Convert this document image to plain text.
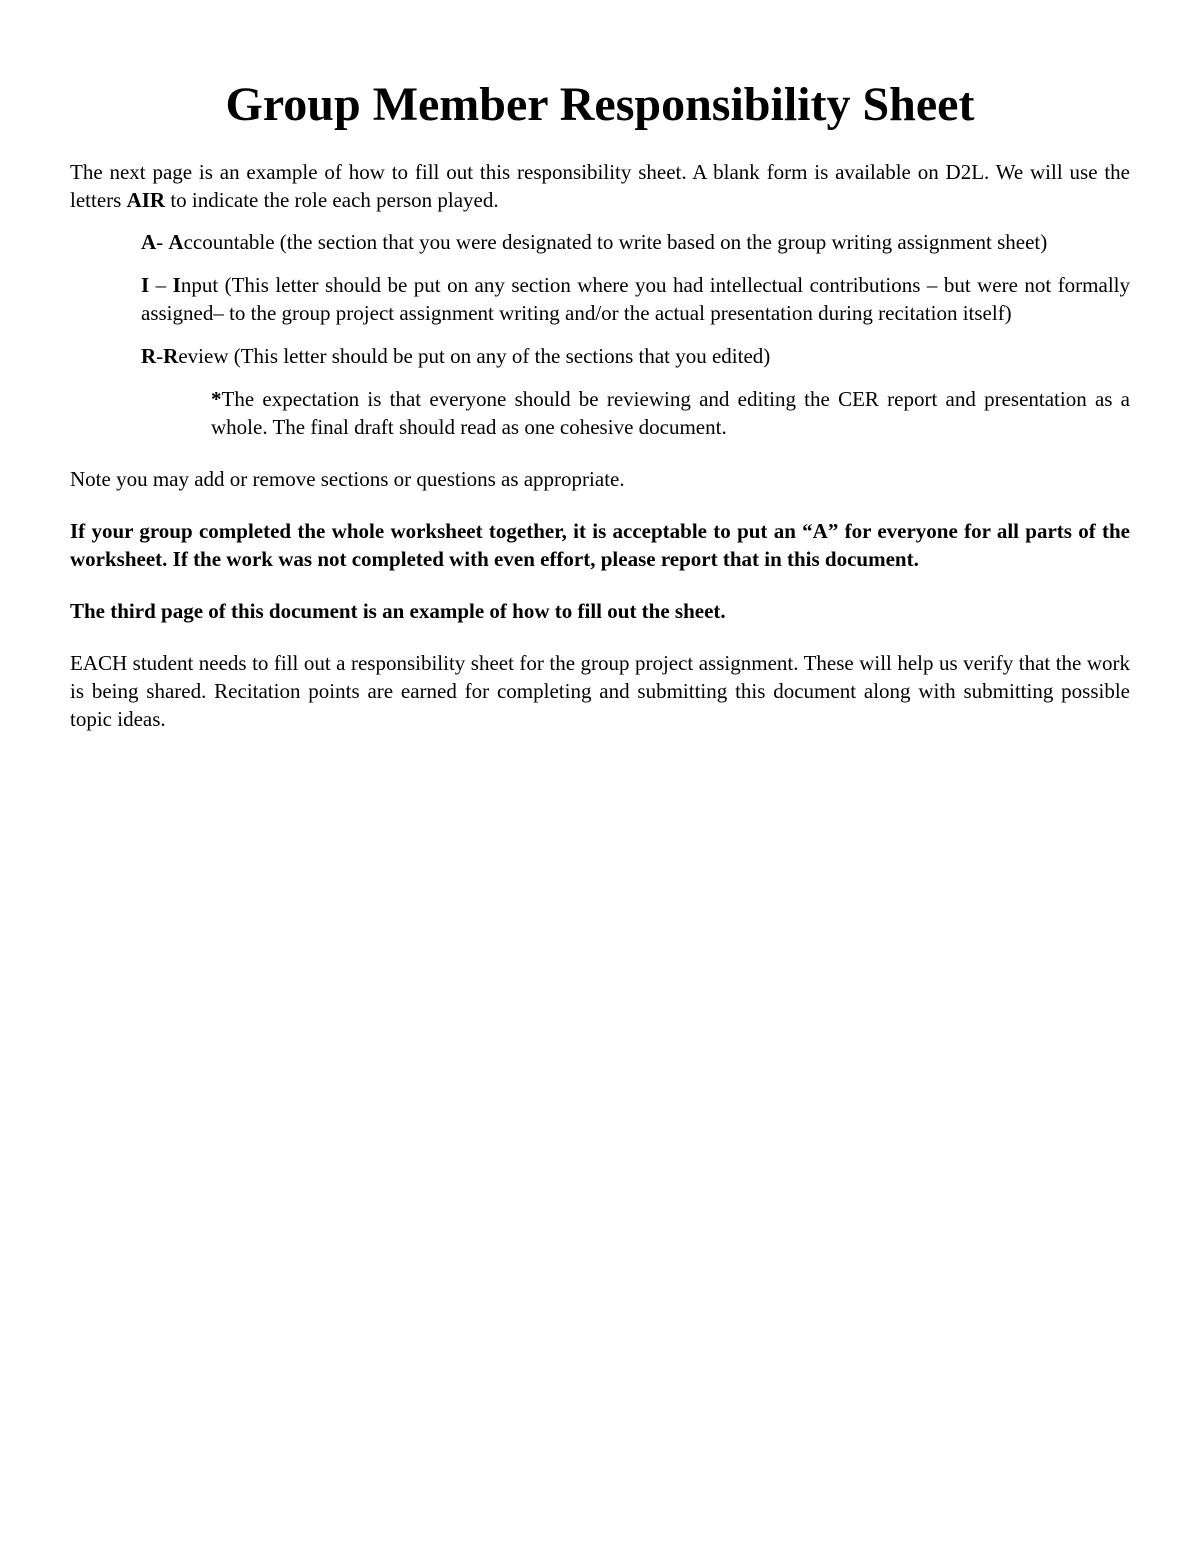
Group Member Responsibility Sheet

The next page is an example of how to fill out this responsibility sheet. A blank form is available on D2L. We will use the letters AIR to indicate the role each person played.

A- Accountable (the section that you were designated to write based on the group writing assignment sheet)

I – Input (This letter should be put on any section where you had intellectual contributions – but were not formally assigned– to the group project assignment writing and/or the actual presentation during recitation itself)

R-Review (This letter should be put on any of the sections that you edited)

*The expectation is that everyone should be reviewing and editing the CER report and presentation as a whole. The final draft should read as one cohesive document.

Note you may add or remove sections or questions as appropriate.

If your group completed the whole worksheet together, it is acceptable to put an “A” for everyone for all parts of the worksheet. If the work was not completed with even effort, please report that in this document.

The third page of this document is an example of how to fill out the sheet.

EACH student needs to fill out a responsibility sheet for the group project assignment. These will help us verify that the work is being shared. Recitation points are earned for completing and submitting this document along with submitting possible topic ideas.
